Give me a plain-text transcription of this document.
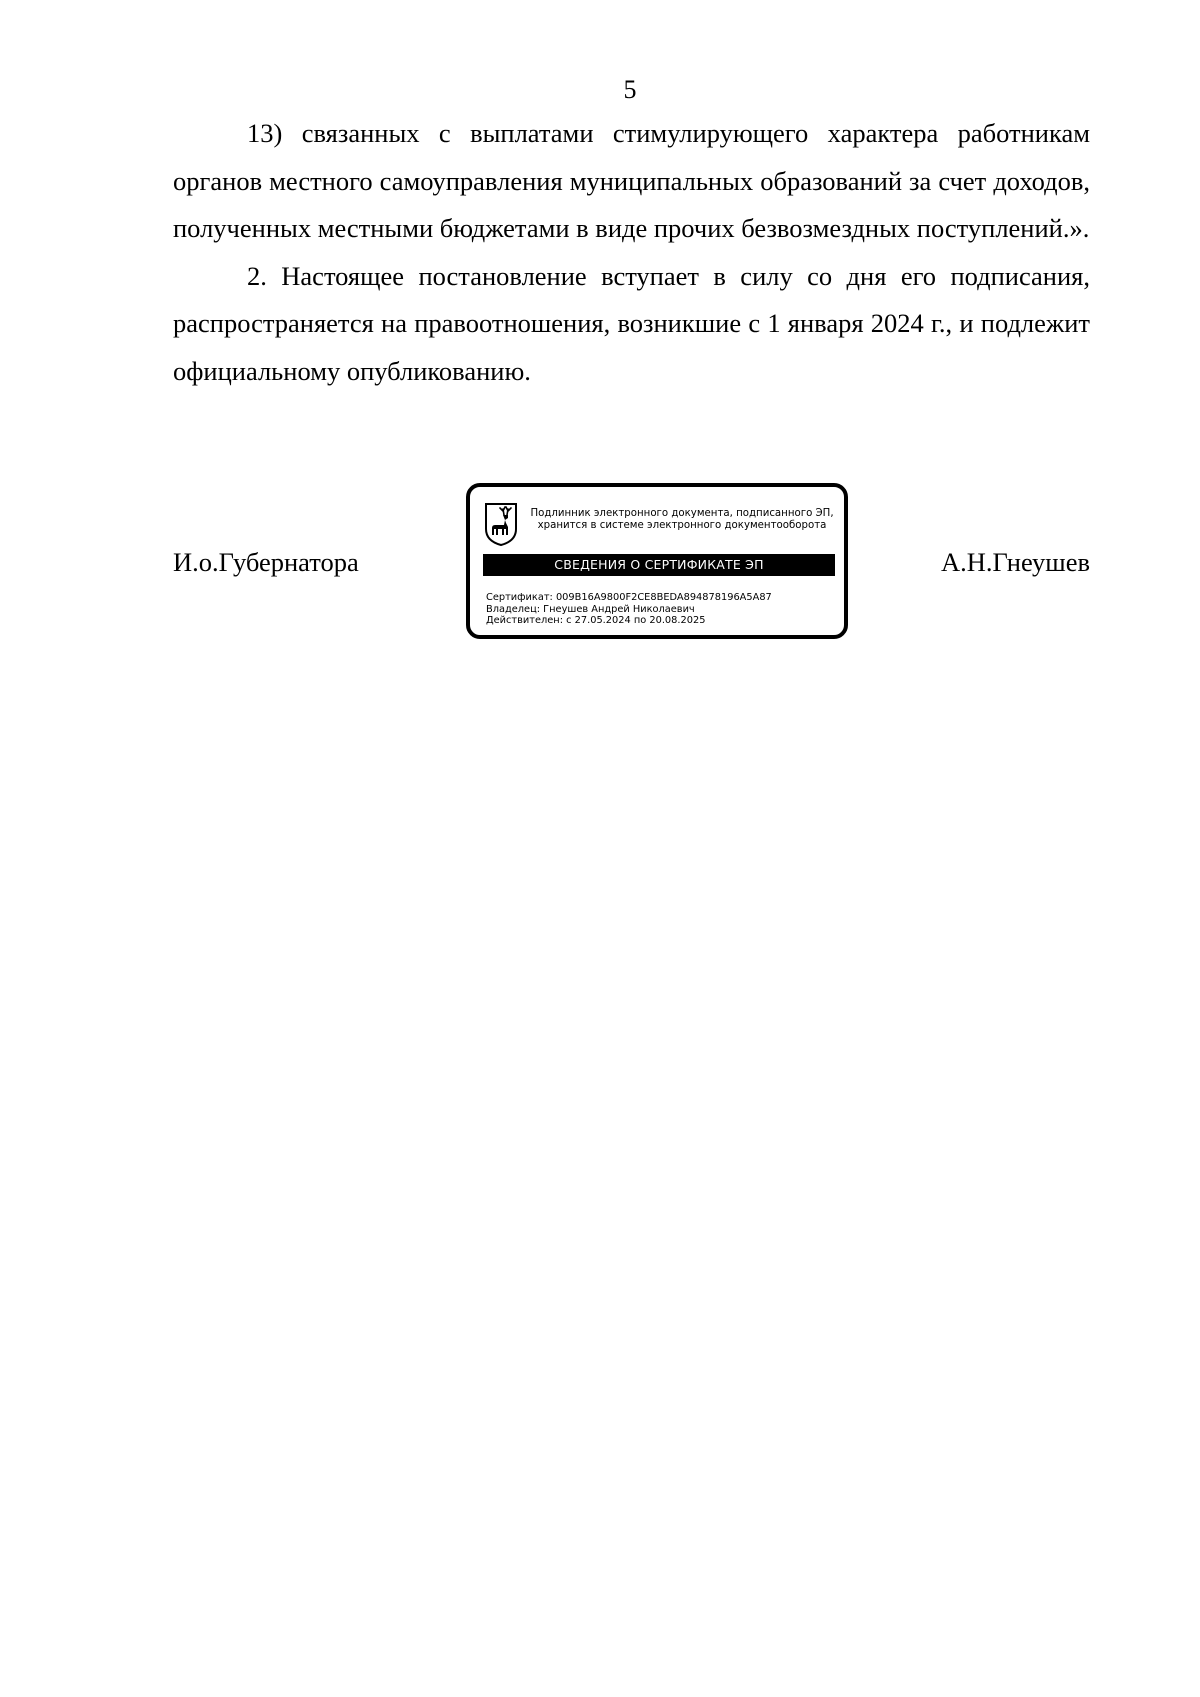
5

13) связанных с выплатами стимулирующего характера работникам органов местного самоуправления муниципальных образований за счет доходов, полученных местными бюджетами в виде прочих безвозмездных поступлений.».

2. Настоящее постановление вступает в силу со дня его подписания, распространяется на правоотношения, возникшие с 1 января 2024 г., и подлежит официальному опубликованию.

И.о.Губернатора
Подлинник электронного документа, подписанного ЭП,
хранится в системе электронного документооборота
СВЕДЕНИЯ О СЕРТИФИКАТЕ ЭП
Сертификат: 009B16A9800F2CE8BEDA894878196A5A87
Владелец: Гнеушев Андрей Николаевич
Действителен: с 27.05.2024 по 20.08.2025
А.Н.Гнеушев
